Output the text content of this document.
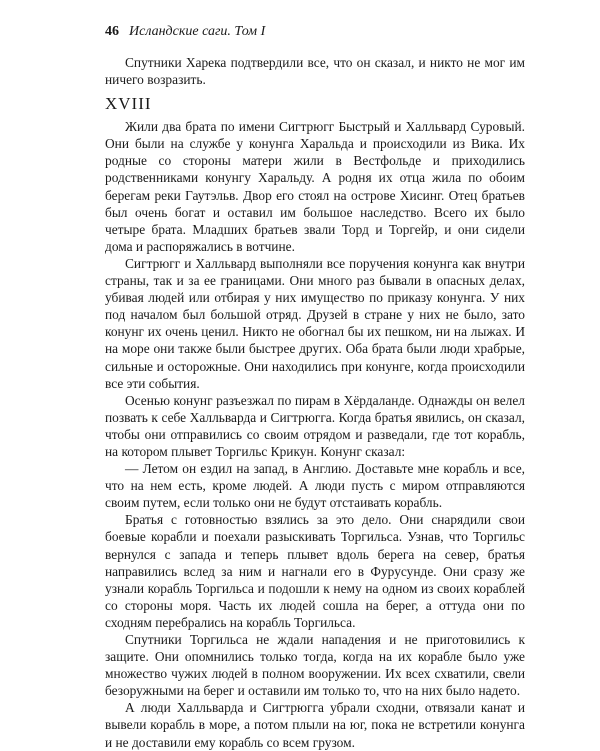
46 Исландские саги. Том I

Спутники Харека подтвердили все, что он сказал, и никто не мог им ничего возразить.

XVIII

Жили два брата по имени Сигтрюгг Быстрый и Халльвард Суровый. Они были на службе у конунга Харальда и происходили из Вика. Их родные со стороны матери жили в Вестфольде и приходились родственниками конунгу Харальду. А родня их отца жила по обоим берегам реки Гаутэльв. Двор его стоял на острове Хисинг. Отец братьев был очень богат и оставил им большое наследство. Всего их было четыре брата. Младших братьев звали Торд и Торгейр, и они сидели дома и распоряжались в вотчине.

Сигтрюгг и Халльвард выполняли все поручения конунга как внутри страны, так и за ее границами. Они много раз бывали в опасных делах, убивая людей или отбирая у них имущество по приказу конунга. У них под началом был большой отряд. Друзей в стране у них не было, зато конунг их очень ценил. Никто не обогнал бы их пешком, ни на лыжах. И на море они также были быстрее других. Оба брата были люди храбрые, сильные и осторожные. Они находились при конунге, когда происходили все эти события.

Осенью конунг разъезжал по пирам в Хёрдаланде. Однажды он велел позвать к себе Халльварда и Сигтрюгга. Когда братья явились, он сказал, чтобы они отправились со своим отрядом и разведали, где тот корабль, на котором плывет Торгильс Крикун. Конунг сказал:

— Летом он ездил на запад, в Англию. Доставьте мне корабль и все, что на нем есть, кроме людей. А люди пусть с миром отправляются своим путем, если только они не будут отстаивать корабль.

Братья с готовностью взялись за это дело. Они снарядили свои боевые корабли и поехали разыскивать Торгильса. Узнав, что Торгильс вернулся с запада и теперь плывет вдоль берега на север, братья направились вслед за ним и нагнали его в Фурусунде. Они сразу же узнали корабль Торгильса и подошли к нему на одном из своих кораблей со стороны моря. Часть их людей сошла на берег, а оттуда они по сходням перебрались на корабль Торгильса.

Спутники Торгильса не ждали нападения и не приготовились к защите. Они опомнились только тогда, когда на их корабле было уже множество чужих людей в полном вооружении. Их всех схватили, свели безоружными на берег и оставили им только то, что на них было надето.

А люди Халльварда и Сигтрюгга убрали сходни, отвязали канат и вывели корабль в море, а потом плыли на юг, пока не встретили конунга и не доставили ему корабль со всем грузом.
